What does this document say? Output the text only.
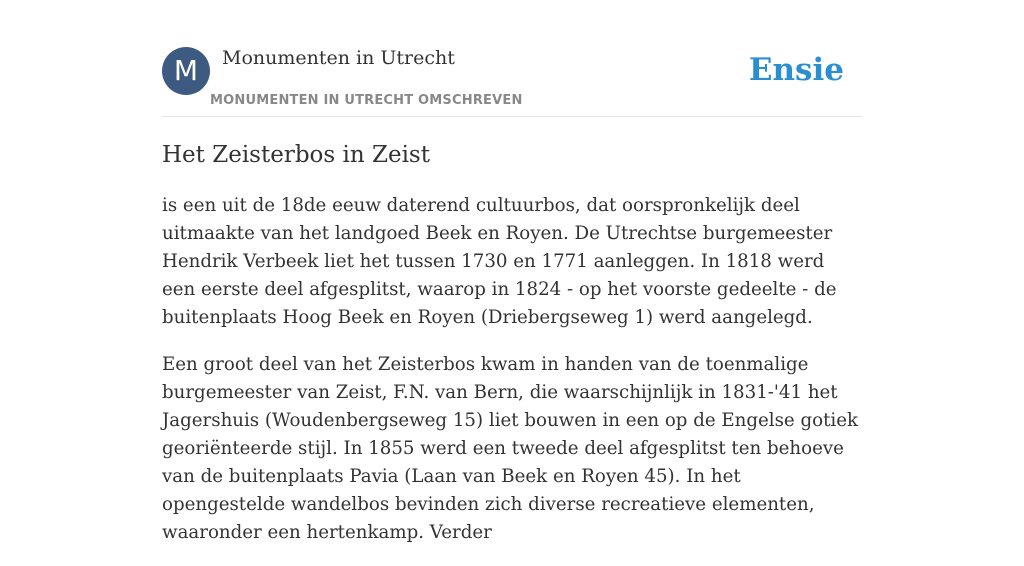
M	Monumenten in Utrecht
MONUMENTEN IN UTRECHT OMSCHREVEN
Ensie
Het Zeisterbos in Zeist

is een uit de 18de eeuw daterend cultuurbos, dat oorspronkelijk deel uitmaakte van het landgoed Beek en Royen. De Utrechtse burgemeester Hendrik Verbeek liet het tussen 1730 en 1771 aanleggen. In 1818 werd een eerste deel afgesplitst, waarop in 1824 - op het voorste gedeelte - de buitenplaats Hoog Beek en Royen (Driebergseweg 1) werd aangelegd.

Een groot deel van het Zeisterbos kwam in handen van de toenmalige burgemeester van Zeist, F.N. van Bern, die waarschijnlijk in 1831-'41 het Jagershuis (Woudenbergseweg 15) liet bouwen in een op de Engelse gotiek georiënteerde stijl. In 1855 werd een tweede deel afgesplitst ten behoeve van de buitenplaats Pavia (Laan van Beek en Royen 45). In het opengestelde wandelbos bevinden zich diverse recreatieve elementen, waaronder een hertenkamp. Verder
